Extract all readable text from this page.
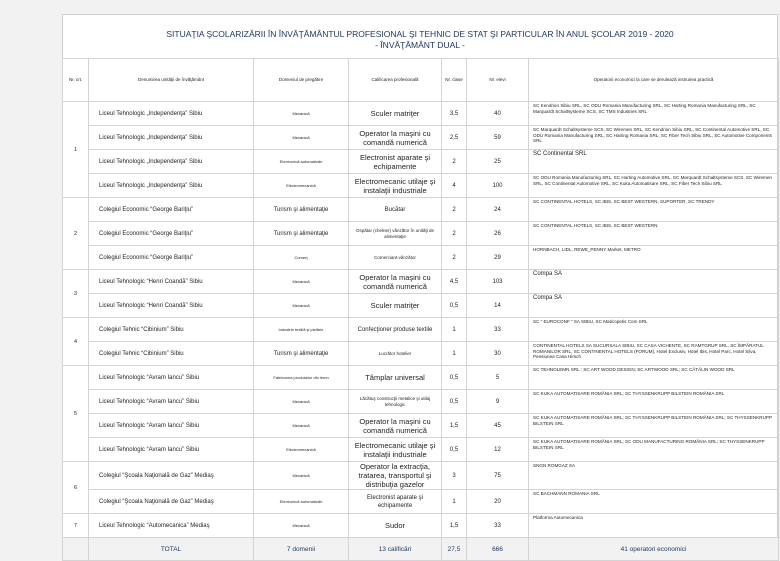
SITUAŢIA ŞCOLARIZĂRII ÎN ÎNVĂŢĂMÂNTUL PROFESIONAL ŞI TEHNIC DE STAT ŞI PARTICULAR ÎN ANUL ŞCOLAR 2019 - 2020
- ÎNVĂŢĂMÂNT DUAL -
Nr. crt.	Denumirea unităţii de învăţământ	Domeniul de pregătire	Calificarea profesională	Nr. clase	Nr. elevi	Operatorii economici la care se derulează instruirea practică
1	Liceul Tehnologic „Independenţa” Sibiu	Mecanică	Sculer matriţer	3,5	40	SC Kendrion Sibiu SRL, SC ODU Romania Manufacturing SRL, SC Harting Romania Manufacturing SRL, SC Marquardt Schaltsysteme SCS, SC TMS Industries SRL
	Liceul Tehnologic „Independenţa” Sibiu	Mecanică	Operator la maşini cu comandă numerică	2,5	59	SC Marquardt Schaltsysteme SCS, SC Wiremen SRL, SC Kendrion Sibiu SRL, SC Continental Automotive SRL, SC ODU Romania Manufacturing SRL, SC Harting Romania SRL, SC Fiber Tech Sibiu SRL, SC Automotive Components SRL
	Liceul Tehnologic „Independenţa” Sibiu	Electronică automatizări	Electronist aparate şi echipamente	2	25	SC Continental SRL
	Liceul Tehnologic „Independenţa” Sibiu	Electromecanică	Electromecanic utilaje şi instalaţii industriale	4	100	SC ODU Romania Manufacturing SRL, SC Harting Automotive SRL, SC Marquardt Schaltsysteme SCS, SC Wiremen SRL, SC Continental Automotive SRL, SC Kuka Automatisare SRL, SC Fiber Tech Sibiu SRL
2	Colegiul Economic “George Bariţiu”	Turism şi alimentaţie	Bucătar	2	24	SC CONTINENTAL HOTELS, SC IBIS, SC BEST WESTERN, SUPORTER, SC TRENDY
	Colegiul Economic “George Bariţiu”	Turism şi alimentaţie	Ospătar (chelner) vânzător în unităţi de alimentaţie	2	26	SC CONTINENTAL HOTELS, SC IBIS, SC BEST WESTERN
	Colegiul Economic “George Bariţiu”	Comerţ	Comerciant-vânzător	2	29	HORNBACH, LIDL, REWE_PENNY Market, METRO
3	Liceul Tehnologic “Henri Coandă” Sibiu	Mecanică	Operator la maşini cu comandă numerică	4,5	103	Compa SA
	Liceul Tehnologic “Henri Coandă” Sibiu	Mecanică	Sculer matriţer	0,5	14	Compa SA
4	Colegiul Tehnic “Cibinium” Sibiu	Industrie textilă şi pielărie	Confecţioner produse textile	1	33	SC ” EUROCONF ” SA SIBIU, SC Maticopetis Com SRL
	Colegiul Tehnic “Cibinium” Sibiu	Turism şi alimentaţie	Lucrător hotelier	1	30	CONTINENTAL HOTELS SA SUCURSALA SIBIU, SC CASA VICHENTE, SC RAMTGRUP SRL, SC ÎMPĂRATUL ROMANILOR SRL, SC CONTINENTAL HOTELS (FORUM), Hotel Exclusiv, Hotel Ibis, Hotel Parc, Hotel Silva, Pensiunea Casa Hirsch
5	Liceul Tehnologic “Avram Iancu” Sibiu	Fabricarea produselor din lemn	Tâmplar universal	0,5	5	SC TEHNOLEMN SRL ; SC ART WOOD DESIGN; SC ARTWOOD SRL; SC CĂTĂLIN WOOD SRL
	Liceul Tehnologic “Avram Iancu” Sibiu	Mecanică	Lăcătuş construcţii metalice şi utilaj tehnologic	0,5	9	SC KUKA AUTOMATISARE ROMÂNIA SRL; SC THYSSENKRUPP BILSTEIN ROMÂNIA SRL
	Liceul Tehnologic “Avram Iancu” Sibiu	Mecanică	Operator la maşini cu comandă numerică	1,5	45	SC KUKA AUTOMATISARE ROMÂNIA SRL; SC THYSSENKRUPP BILSTEIN ROMÂNIA SRL; SC THYSSENKRUPP BILSTEIN SRL
	Liceul Tehnologic “Avram Iancu” Sibiu	Electromecanică	Electromecanic utilaje şi instalaţii industriale	0,5	12	SC KUKA AUTOMATISARE ROMÂNIA SRL; SC ODU MANUFACTURING ROMÂNIA SRL; SC THYSSENKRUPP BILSTEIN SRL
6	Colegiul “Şcoala Naţională de Gaz” Mediaş	Mecanică	Operator la extracţia, tratarea, transportul şi distribuţia gazelor	3	75	SNGN ROMGAZ SA
	Colegiul “Şcoala Naţională de Gaz” Mediaş	Electronică automatizări	Electronist aparate şi echipamente	1	20	SC BACHMANN ROMANIA SRL
7	Liceul Tehnologic “Automecanica” Mediaş	Mecanică	Sudor	1,5	33	Platforma Automecanica
	TOTAL	7 domenii	13 calificări	27,5	666	41 operatori economici
